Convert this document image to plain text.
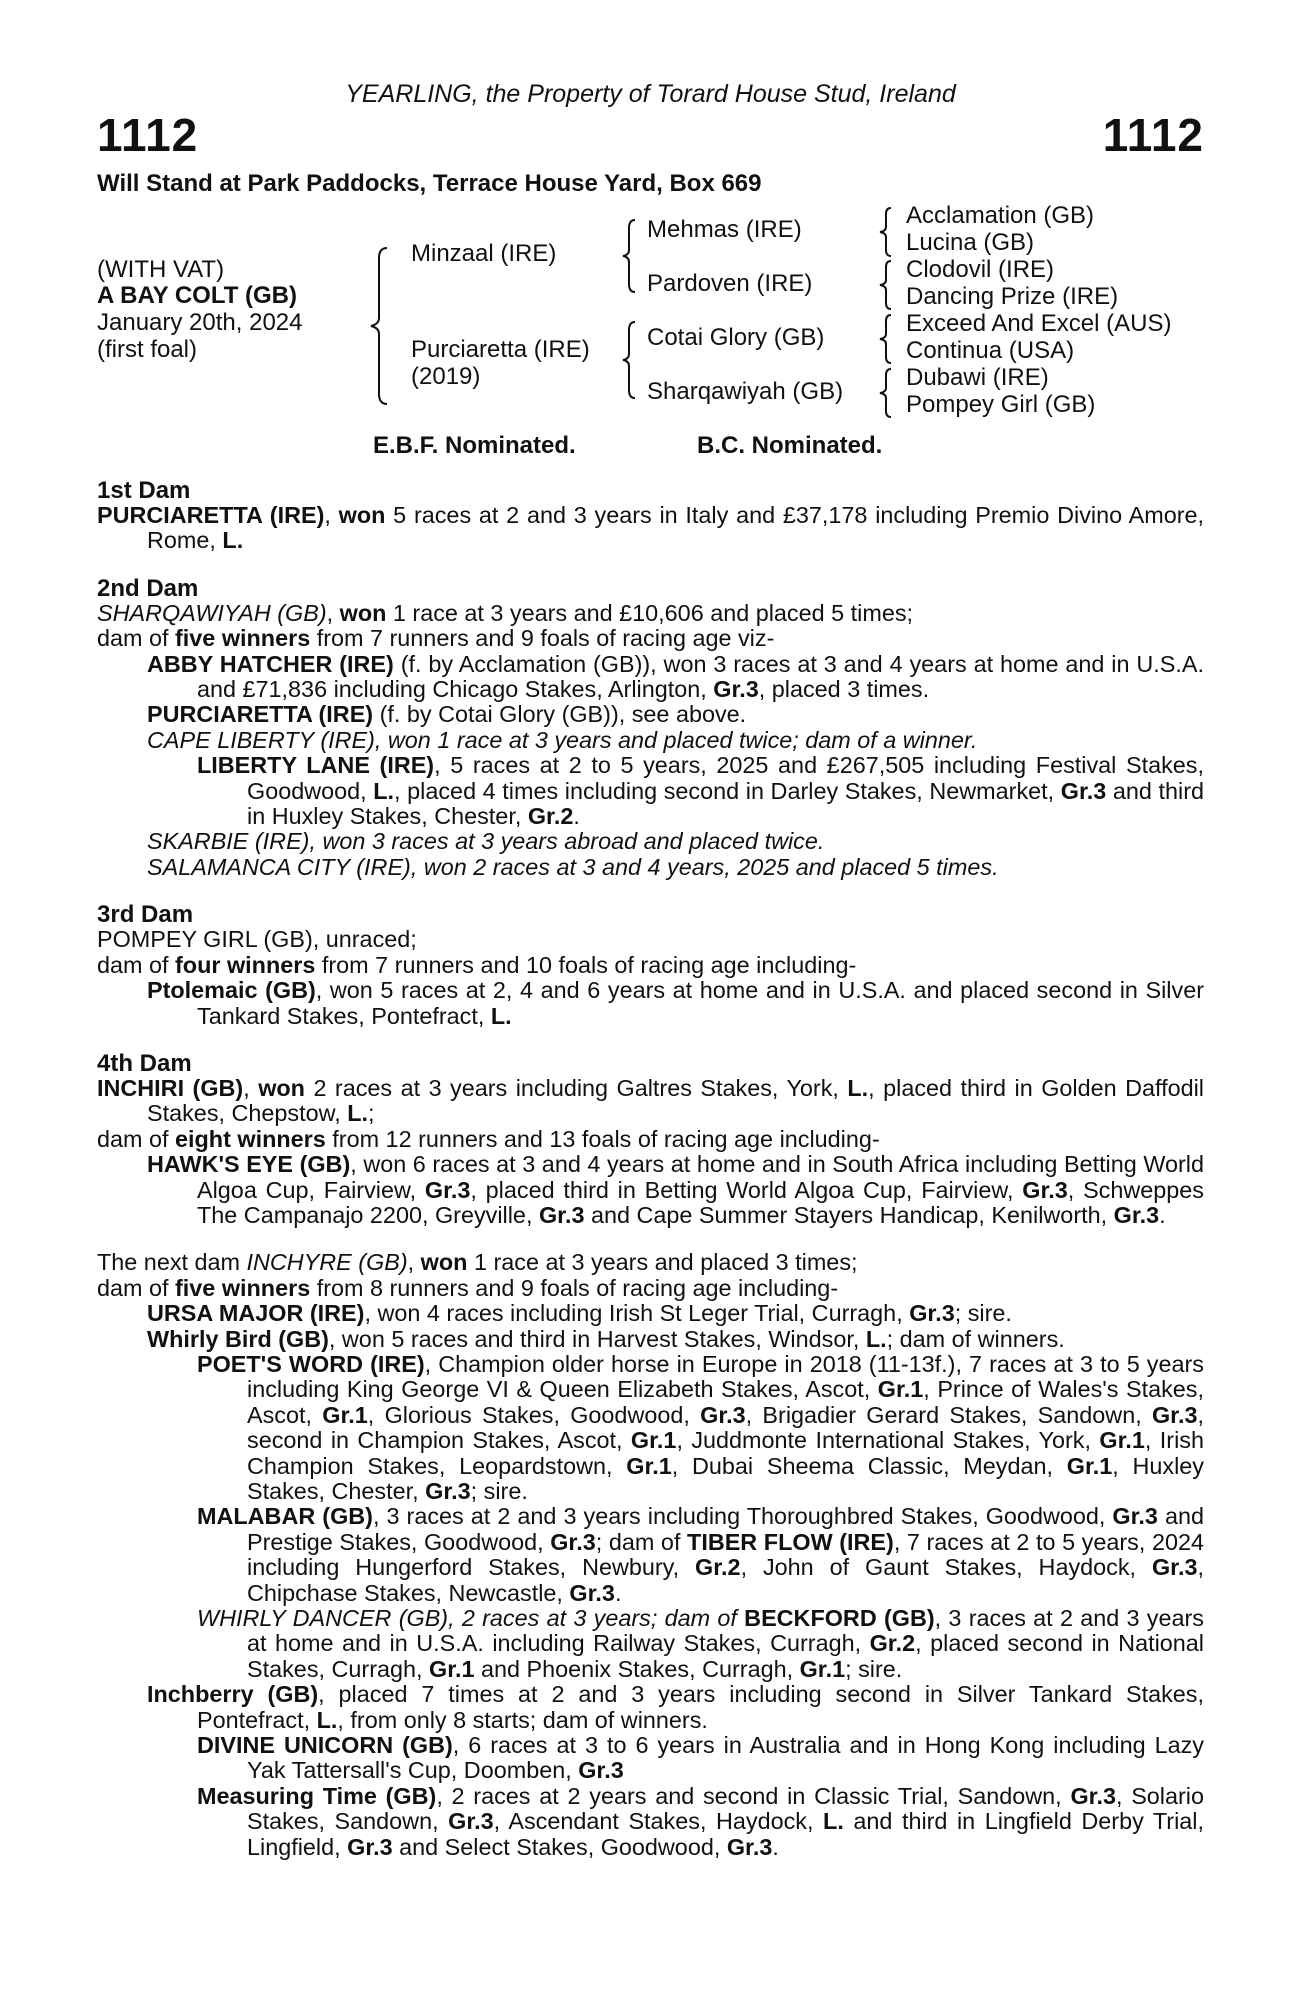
YEARLING, the Property of Torard House Stud, Ireland
1112	1112
Will Stand at Park Paddocks, Terrace House Yard, Box 669
(WITH VAT)
A BAY COLT (GB)
January 20th, 2024
(first foal)
Minzaal (IRE)
Purciaretta (IRE)
(2019)
Mehmas (IRE)
Pardoven (IRE)
Cotai Glory (GB)
Sharqawiyah (GB)
Acclamation (GB)
Lucina (GB)
Clodovil (IRE)
Dancing Prize (IRE)
Exceed And Excel (AUS)
Continua (USA)
Dubawi (IRE)
Pompey Girl (GB)
E.B.F. Nominated.	B.C. Nominated.
1st Dam

PURCIARETTA (IRE), won 5 races at 2 and 3 years in Italy and £37,178 including Premio Divino Amore, Rome, L.

2nd Dam

SHARQAWIYAH (GB), won 1 race at 3 years and £10,606 and placed 5 times;

dam of five winners from 7 runners and 9 foals of racing age viz-

ABBY HATCHER (IRE) (f. by Acclamation (GB)), won 3 races at 3 and 4 years at home and in U.S.A. and £71,836 including Chicago Stakes, Arlington, Gr.3, placed 3 times.

PURCIARETTA (IRE) (f. by Cotai Glory (GB)), see above.

CAPE LIBERTY (IRE), won 1 race at 3 years and placed twice; dam of a winner.

LIBERTY LANE (IRE), 5 races at 2 to 5 years, 2025 and £267,505 including Festival Stakes, Goodwood, L., placed 4 times including second in Darley Stakes, Newmarket, Gr.3 and third in Huxley Stakes, Chester, Gr.2.

SKARBIE (IRE), won 3 races at 3 years abroad and placed twice.

SALAMANCA CITY (IRE), won 2 races at 3 and 4 years, 2025 and placed 5 times.

3rd Dam

POMPEY GIRL (GB), unraced;

dam of four winners from 7 runners and 10 foals of racing age including-

Ptolemaic (GB), won 5 races at 2, 4 and 6 years at home and in U.S.A. and placed second in Silver Tankard Stakes, Pontefract, L.

4th Dam

INCHIRI (GB), won 2 races at 3 years including Galtres Stakes, York, L., placed third in Golden Daffodil Stakes, Chepstow, L.;

dam of eight winners from 12 runners and 13 foals of racing age including-

HAWK'S EYE (GB), won 6 races at 3 and 4 years at home and in South Africa including Betting World Algoa Cup, Fairview, Gr.3, placed third in Betting World Algoa Cup, Fairview, Gr.3, Schweppes The Campanajo 2200, Greyville, Gr.3 and Cape Summer Stayers Handicap, Kenilworth, Gr.3.

The next dam INCHYRE (GB), won 1 race at 3 years and placed 3 times;

dam of five winners from 8 runners and 9 foals of racing age including-

URSA MAJOR (IRE), won 4 races including Irish St Leger Trial, Curragh, Gr.3; sire.

Whirly Bird (GB), won 5 races and third in Harvest Stakes, Windsor, L.; dam of winners.

POET'S WORD (IRE), Champion older horse in Europe in 2018 (11-13f.), 7 races at 3 to 5 years including King George VI & Queen Elizabeth Stakes, Ascot, Gr.1, Prince of Wales's Stakes, Ascot, Gr.1, Glorious Stakes, Goodwood, Gr.3, Brigadier Gerard Stakes, Sandown, Gr.3, second in Champion Stakes, Ascot, Gr.1, Juddmonte International Stakes, York, Gr.1, Irish Champion Stakes, Leopardstown, Gr.1, Dubai Sheema Classic, Meydan, Gr.1, Huxley Stakes, Chester, Gr.3; sire.

MALABAR (GB), 3 races at 2 and 3 years including Thoroughbred Stakes, Goodwood, Gr.3 and Prestige Stakes, Goodwood, Gr.3; dam of TIBER FLOW (IRE), 7 races at 2 to 5 years, 2024 including Hungerford Stakes, Newbury, Gr.2, John of Gaunt Stakes, Haydock, Gr.3, Chipchase Stakes, Newcastle, Gr.3.

WHIRLY DANCER (GB), 2 races at 3 years; dam of BECKFORD (GB), 3 races at 2 and 3 years at home and in U.S.A. including Railway Stakes, Curragh, Gr.2, placed second in National Stakes, Curragh, Gr.1 and Phoenix Stakes, Curragh, Gr.1; sire.

Inchberry (GB), placed 7 times at 2 and 3 years including second in Silver Tankard Stakes, Pontefract, L., from only 8 starts; dam of winners.

DIVINE UNICORN (GB), 6 races at 3 to 6 years in Australia and in Hong Kong including Lazy Yak Tattersall's Cup, Doomben, Gr.3

Measuring Time (GB), 2 races at 2 years and second in Classic Trial, Sandown, Gr.3, Solario Stakes, Sandown, Gr.3, Ascendant Stakes, Haydock, L. and third in Lingfield Derby Trial, Lingfield, Gr.3 and Select Stakes, Goodwood, Gr.3.
